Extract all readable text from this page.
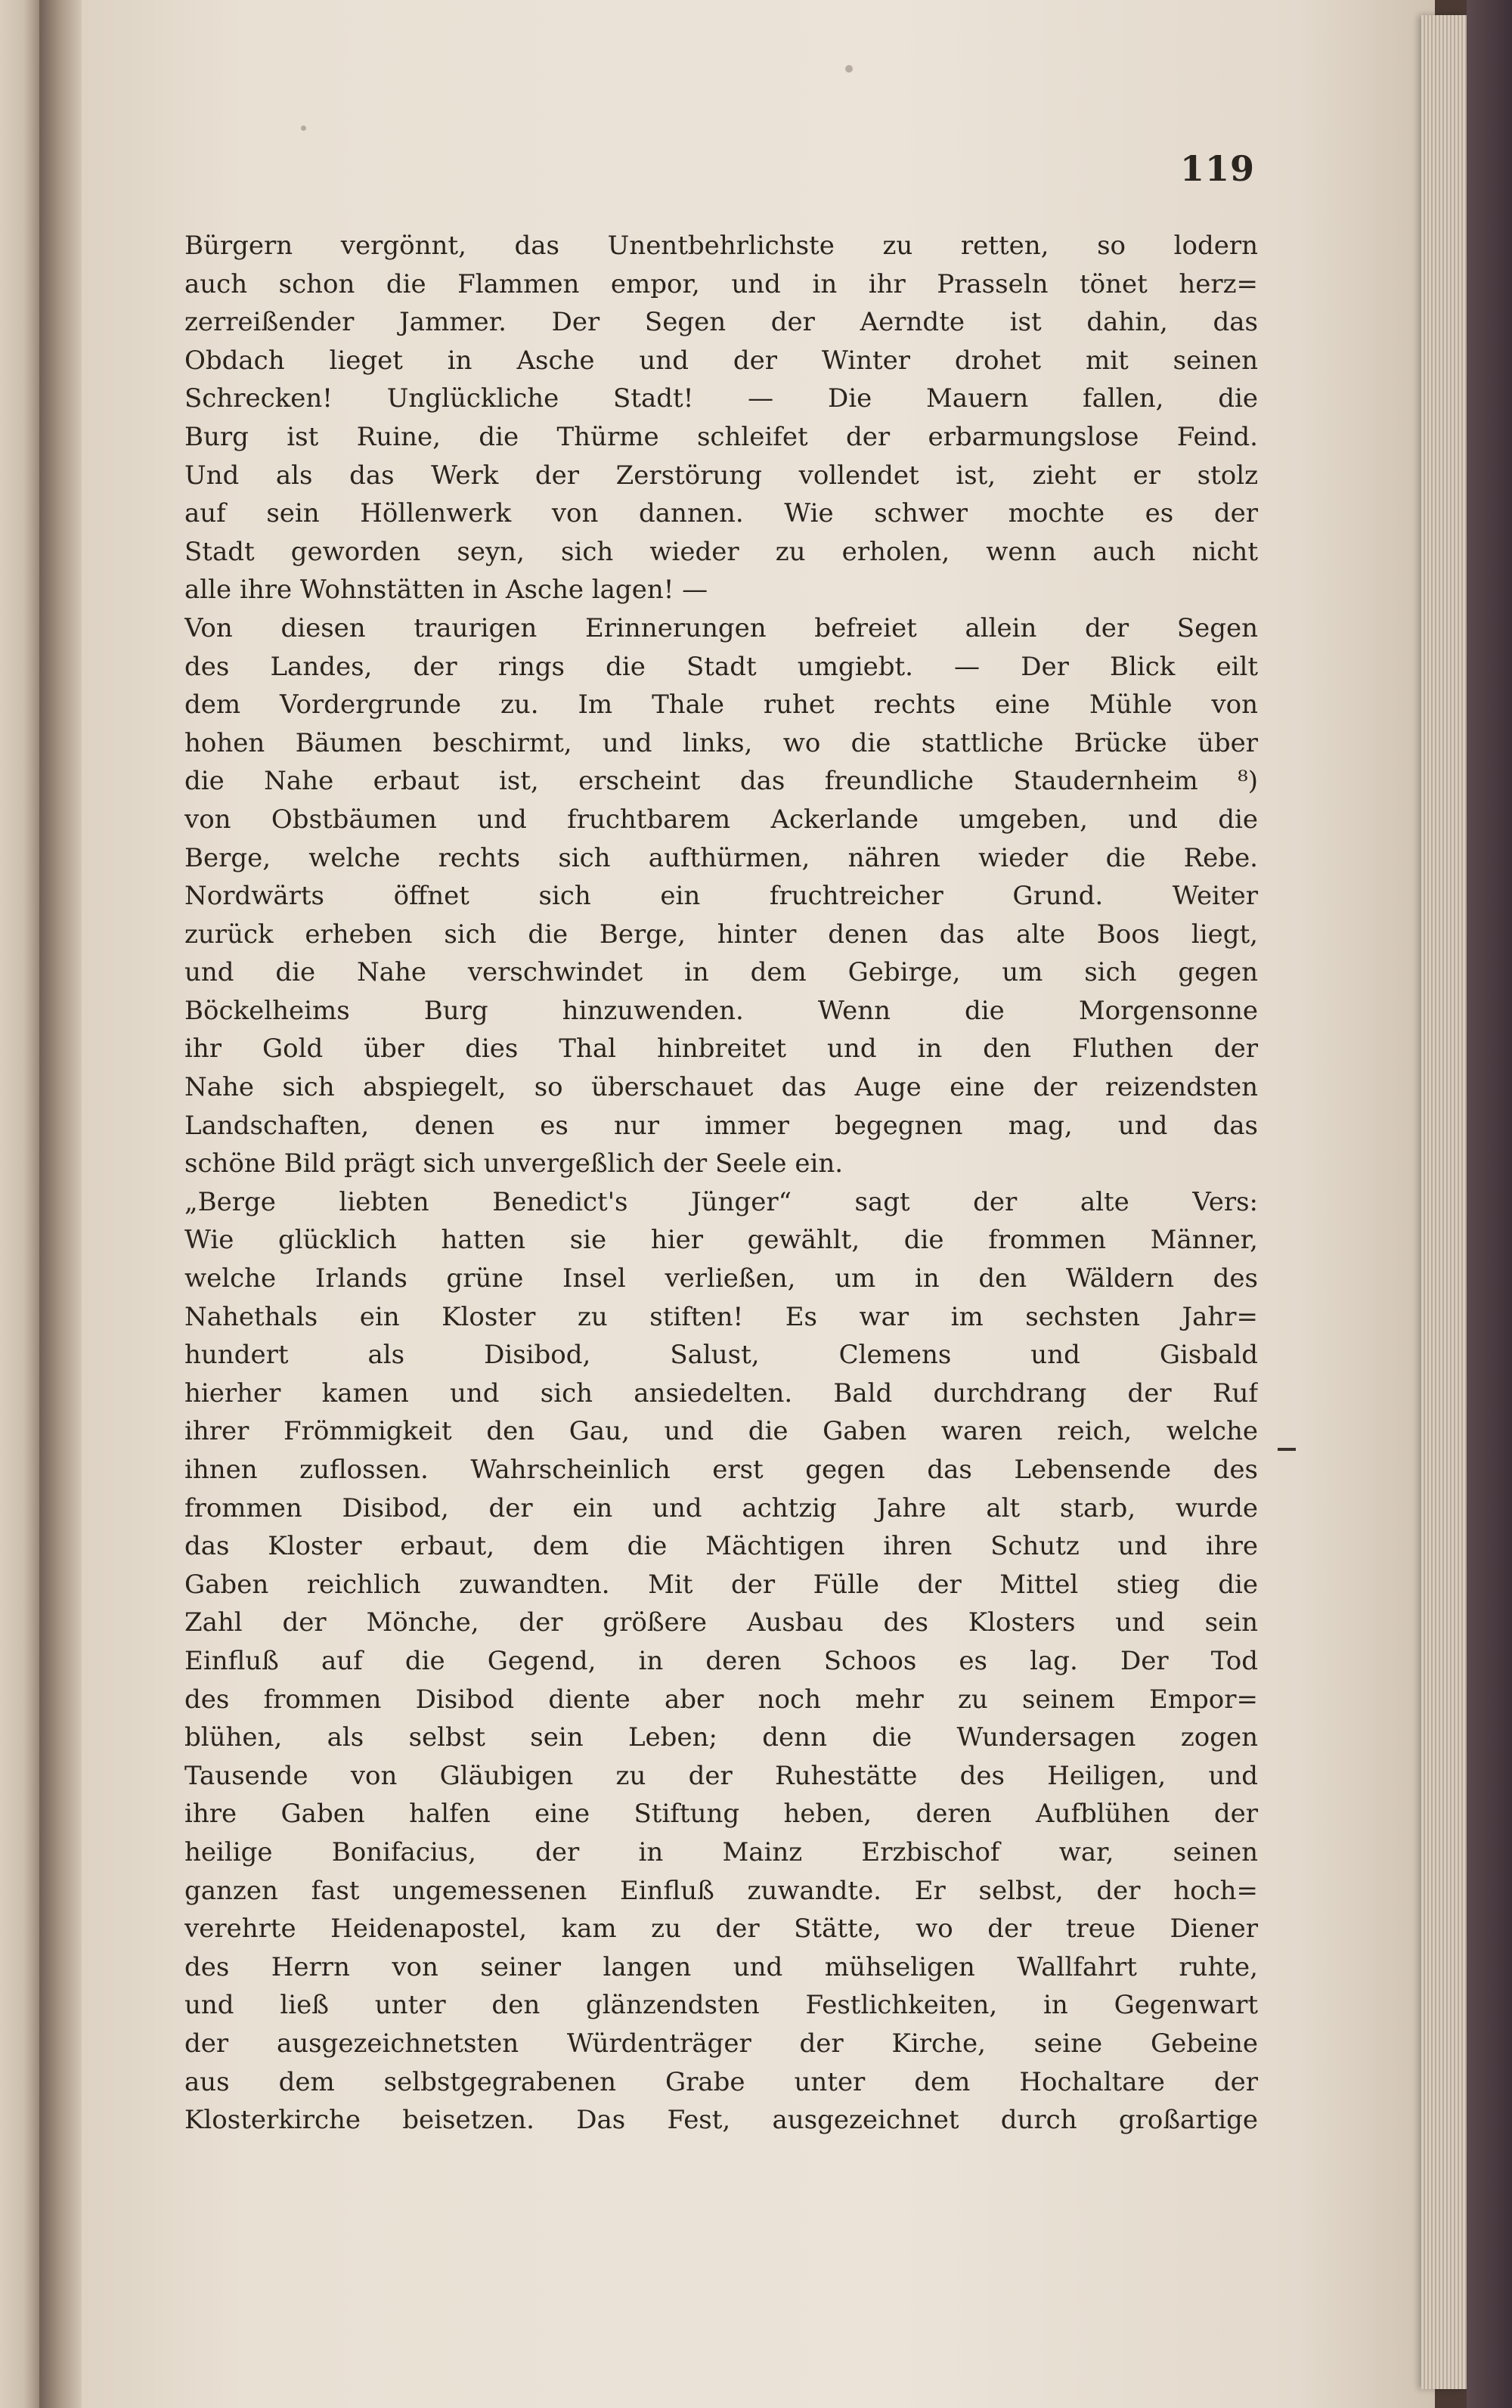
119
Bürgern vergönnt, das Unentbehrlichste zu retten, so lodern
auch schon die Flammen empor, und in ihr Prasseln tönet herz=
zerreißender Jammer. Der Segen der Aerndte ist dahin, das
Obdach lieget in Asche und der Winter drohet mit seinen
Schrecken! Unglückliche Stadt! — Die Mauern fallen, die
Burg ist Ruine, die Thürme schleifet der erbarmungslose Feind.
Und als das Werk der Zerstörung vollendet ist, zieht er stolz
auf sein Höllenwerk von dannen. Wie schwer mochte es der
Stadt geworden seyn, sich wieder zu erholen, wenn auch nicht
alle ihre Wohnstätten in Asche lagen! —
Von diesen traurigen Erinnerungen befreiet allein der Segen
des Landes, der rings die Stadt umgiebt. — Der Blick eilt
dem Vordergrunde zu. Im Thale ruhet rechts eine Mühle von
hohen Bäumen beschirmt, und links, wo die stattliche Brücke über
die Nahe erbaut ist, erscheint das freundliche Staudernheim ⁸)
von Obstbäumen und fruchtbarem Ackerlande umgeben, und die
Berge, welche rechts sich aufthürmen, nähren wieder die Rebe.
Nordwärts öffnet sich ein fruchtreicher Grund. Weiter
zurück erheben sich die Berge, hinter denen das alte Boos liegt,
und die Nahe verschwindet in dem Gebirge, um sich gegen
Böckelheims Burg hinzuwenden. Wenn die Morgensonne
ihr Gold über dies Thal hinbreitet und in den Fluthen der
Nahe sich abspiegelt, so überschauet das Auge eine der reizendsten
Landschaften, denen es nur immer begegnen mag, und das
schöne Bild prägt sich unvergeßlich der Seele ein.
„Berge liebten Benedict's Jünger“ sagt der alte Vers:
Wie glücklich hatten sie hier gewählt, die frommen Männer,
welche Irlands grüne Insel verließen, um in den Wäldern des
Nahethals ein Kloster zu stiften! Es war im sechsten Jahr=
hundert als Disibod, Salust, Clemens und Gisbald
hierher kamen und sich ansiedelten. Bald durchdrang der Ruf
ihrer Frömmigkeit den Gau, und die Gaben waren reich, welche
ihnen zuflossen. Wahrscheinlich erst gegen das Lebensende des
frommen Disibod, der ein und achtzig Jahre alt starb, wurde
das Kloster erbaut, dem die Mächtigen ihren Schutz und ihre
Gaben reichlich zuwandten. Mit der Fülle der Mittel stieg die
Zahl der Mönche, der größere Ausbau des Klosters und sein
Einfluß auf die Gegend, in deren Schoos es lag. Der Tod
des frommen Disibod diente aber noch mehr zu seinem Empor=
blühen, als selbst sein Leben; denn die Wundersagen zogen
Tausende von Gläubigen zu der Ruhestätte des Heiligen, und
ihre Gaben halfen eine Stiftung heben, deren Aufblühen der
heilige Bonifacius, der in Mainz Erzbischof war, seinen
ganzen fast ungemessenen Einfluß zuwandte. Er selbst, der hoch=
verehrte Heidenapostel, kam zu der Stätte, wo der treue Diener
des Herrn von seiner langen und mühseligen Wallfahrt ruhte,
und ließ unter den glänzendsten Festlichkeiten, in Gegenwart
der ausgezeichnetsten Würdenträger der Kirche, seine Gebeine
aus dem selbstgegrabenen Grabe unter dem Hochaltare der
Klosterkirche beisetzen. Das Fest, ausgezeichnet durch großartige
